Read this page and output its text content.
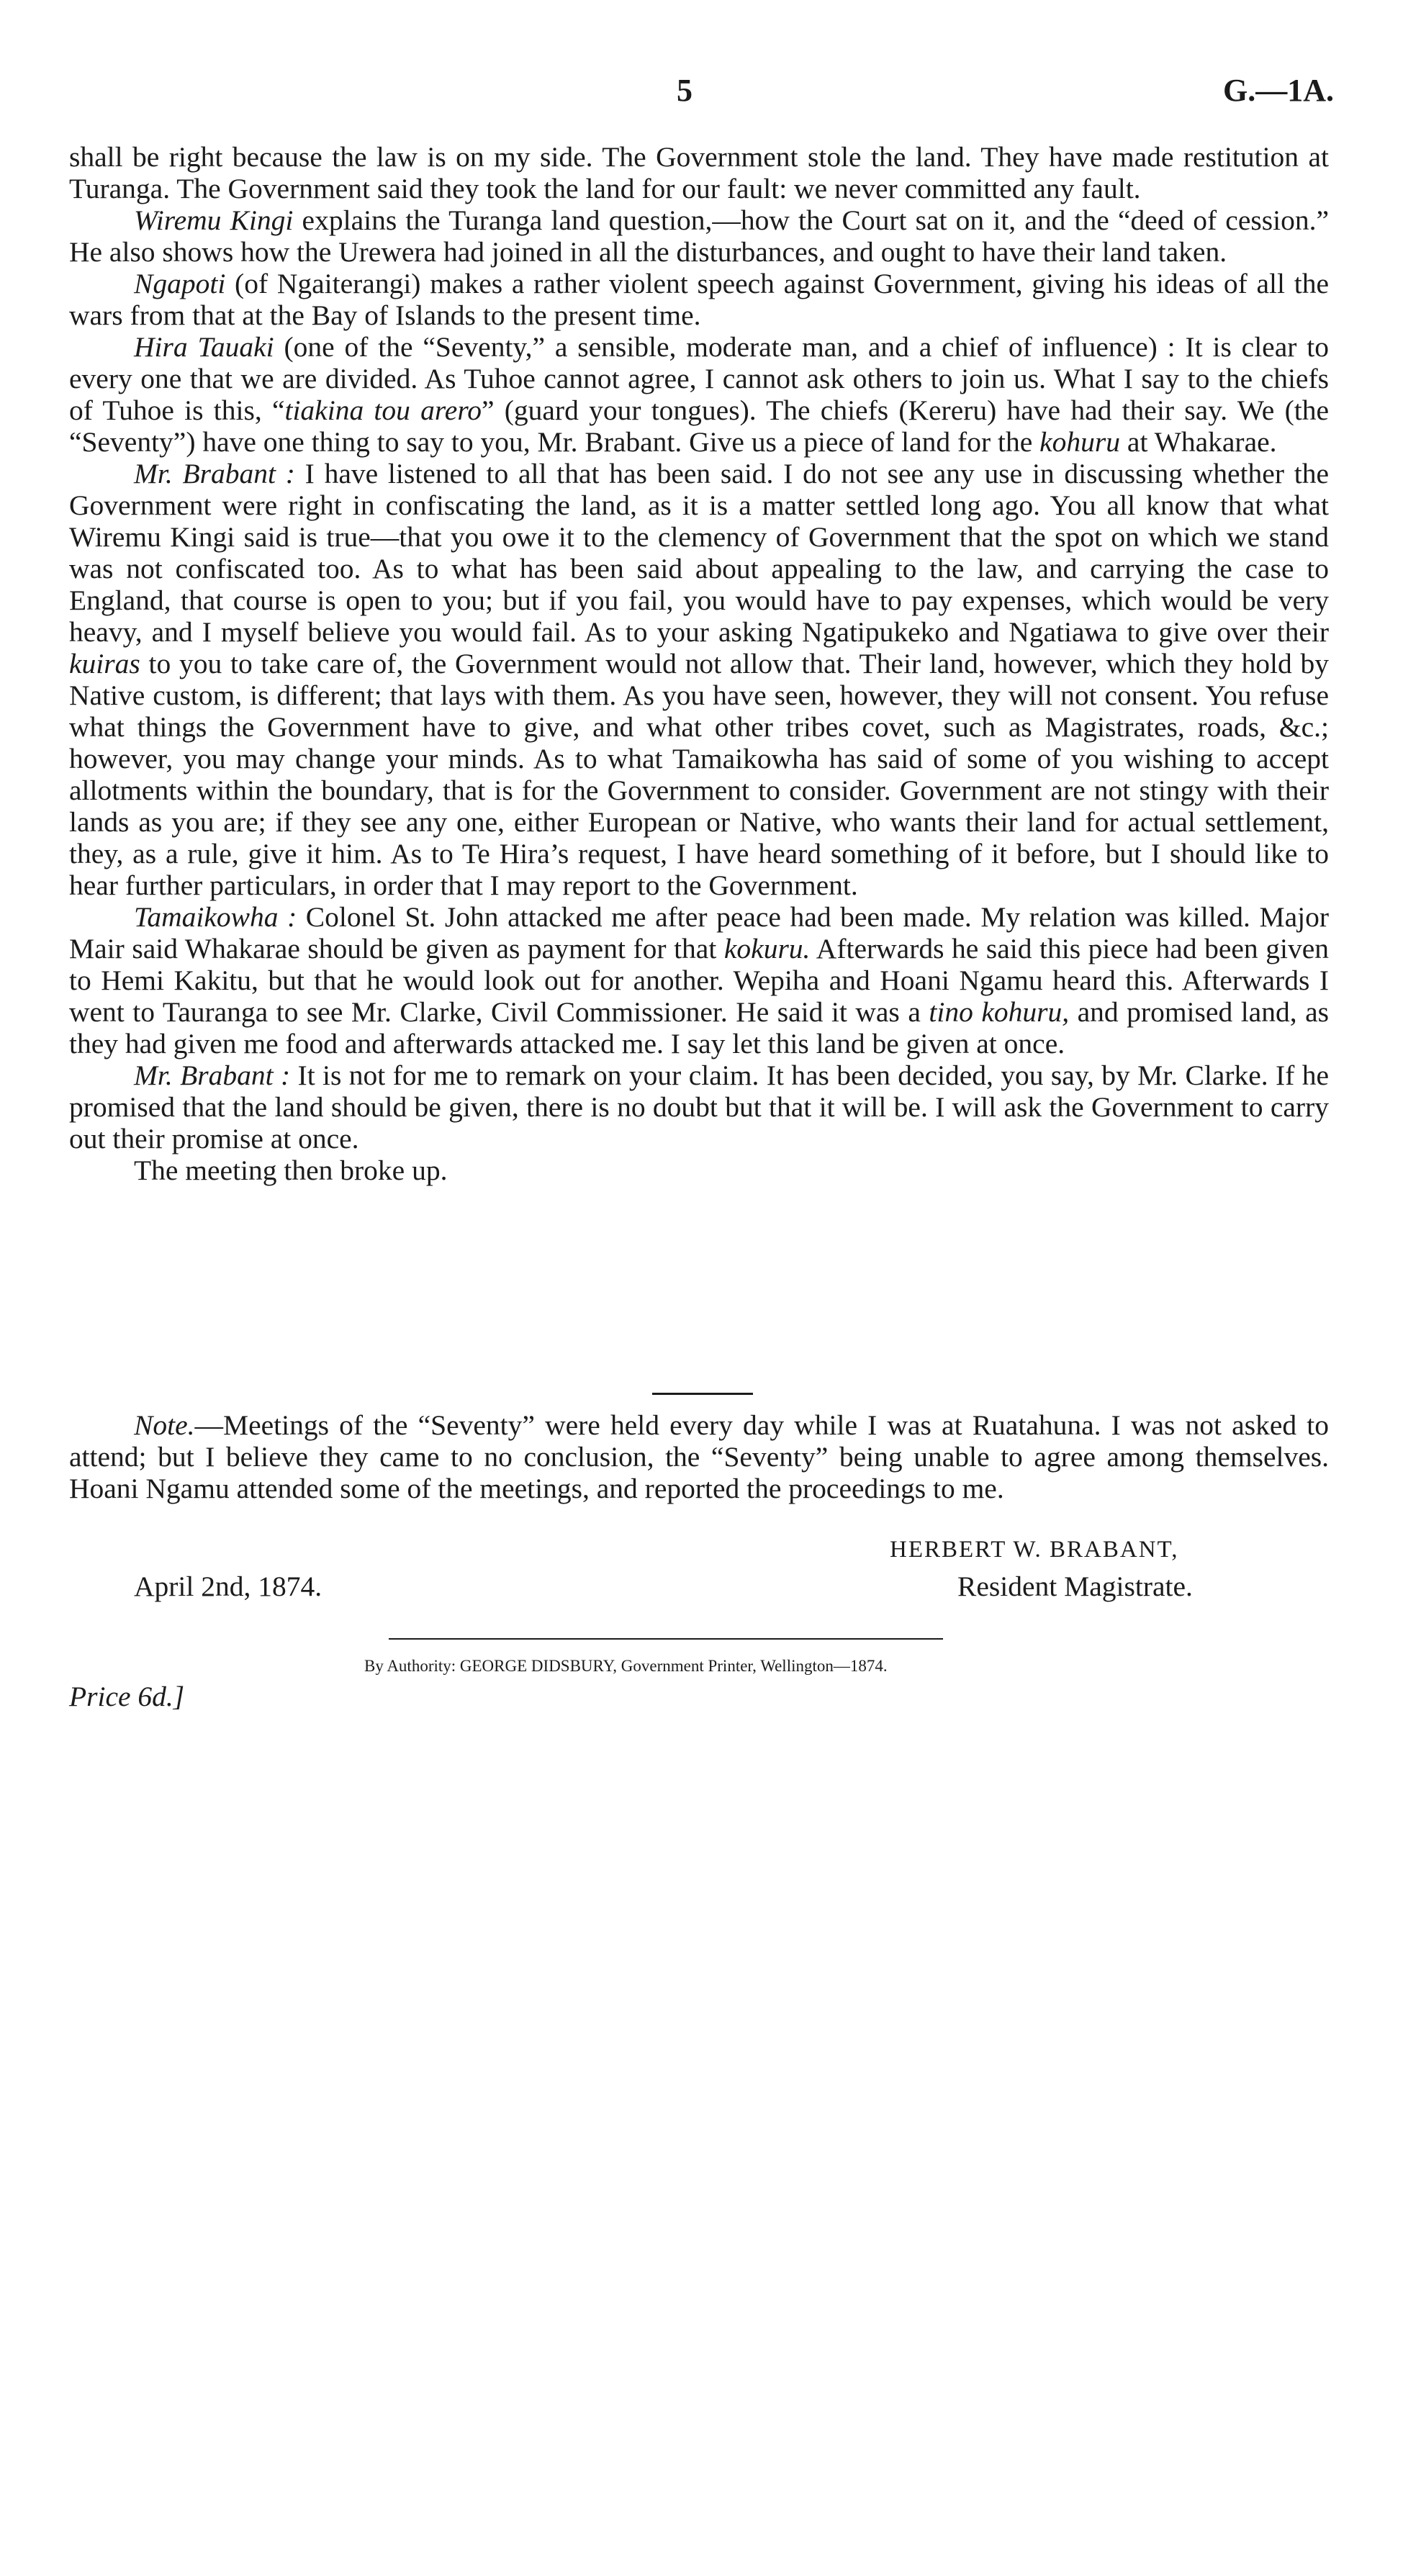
5	G.—1A.

shall be right because the law is on my side. The Government stole the land. They have made restitution at Turanga. The Government said they took the land for our fault: we never committed any fault.

Wiremu Kingi explains the Turanga land question,—how the Court sat on it, and the “deed of cession.” He also shows how the Urewera had joined in all the disturbances, and ought to have their land taken.

Ngapoti (of Ngaiterangi) makes a rather violent speech against Government, giving his ideas of all the wars from that at the Bay of Islands to the present time.

Hira Tauaki (one of the “Seventy,” a sensible, moderate man, and a chief of influence) : It is clear to every one that we are divided. As Tuhoe cannot agree, I cannot ask others to join us. What I say to the chiefs of Tuhoe is this, “tiakina tou arero” (guard your tongues). The chiefs (Kereru) have had their say. We (the “Seventy”) have one thing to say to you, Mr. Brabant. Give us a piece of land for the kohuru at Whakarae.

Mr. Brabant : I have listened to all that has been said. I do not see any use in discussing whether the Government were right in confiscating the land, as it is a matter settled long ago. You all know that what Wiremu Kingi said is true—that you owe it to the clemency of Government that the spot on which we stand was not confiscated too. As to what has been said about appealing to the law, and carrying the case to England, that course is open to you; but if you fail, you would have to pay expenses, which would be very heavy, and I myself believe you would fail. As to your asking Ngatipukeko and Ngatiawa to give over their kuiras to you to take care of, the Government would not allow that. Their land, however, which they hold by Native custom, is different; that lays with them. As you have seen, however, they will not consent. You refuse what things the Government have to give, and what other tribes covet, such as Magistrates, roads, &c.; however, you may change your minds. As to what Tamaikowha has said of some of you wishing to accept allotments within the boundary, that is for the Government to consider. Government are not stingy with their lands as you are; if they see any one, either European or Native, who wants their land for actual settlement, they, as a rule, give it him. As to Te Hira’s request, I have heard something of it before, but I should like to hear further particulars, in order that I may report to the Government.

Tamaikowha : Colonel St. John attacked me after peace had been made. My relation was killed. Major Mair said Whakarae should be given as payment for that kokuru. Afterwards he said this piece had been given to Hemi Kakitu, but that he would look out for another. Wepiha and Hoani Ngamu heard this. Afterwards I went to Tauranga to see Mr. Clarke, Civil Commissioner. He said it was a tino kohuru, and promised land, as they had given me food and afterwards attacked me. I say let this land be given at once.

Mr. Brabant : It is not for me to remark on your claim. It has been decided, you say, by Mr. Clarke. If he promised that the land should be given, there is no doubt but that it will be. I will ask the Government to carry out their promise at once.

The meeting then broke up.

Note.—Meetings of the “Seventy” were held every day while I was at Ruatahuna. I was not asked to attend; but I believe they came to no conclusion, the “Seventy” being unable to agree among themselves. Hoani Ngamu attended some of the meetings, and reported the proceedings to me.

HERBERT W. BRABANT,
April 2nd, 1874.	Resident Magistrate.
By Authority: GEORGE DIDSBURY, Government Printer, Wellington—1874.
Price 6d.]
